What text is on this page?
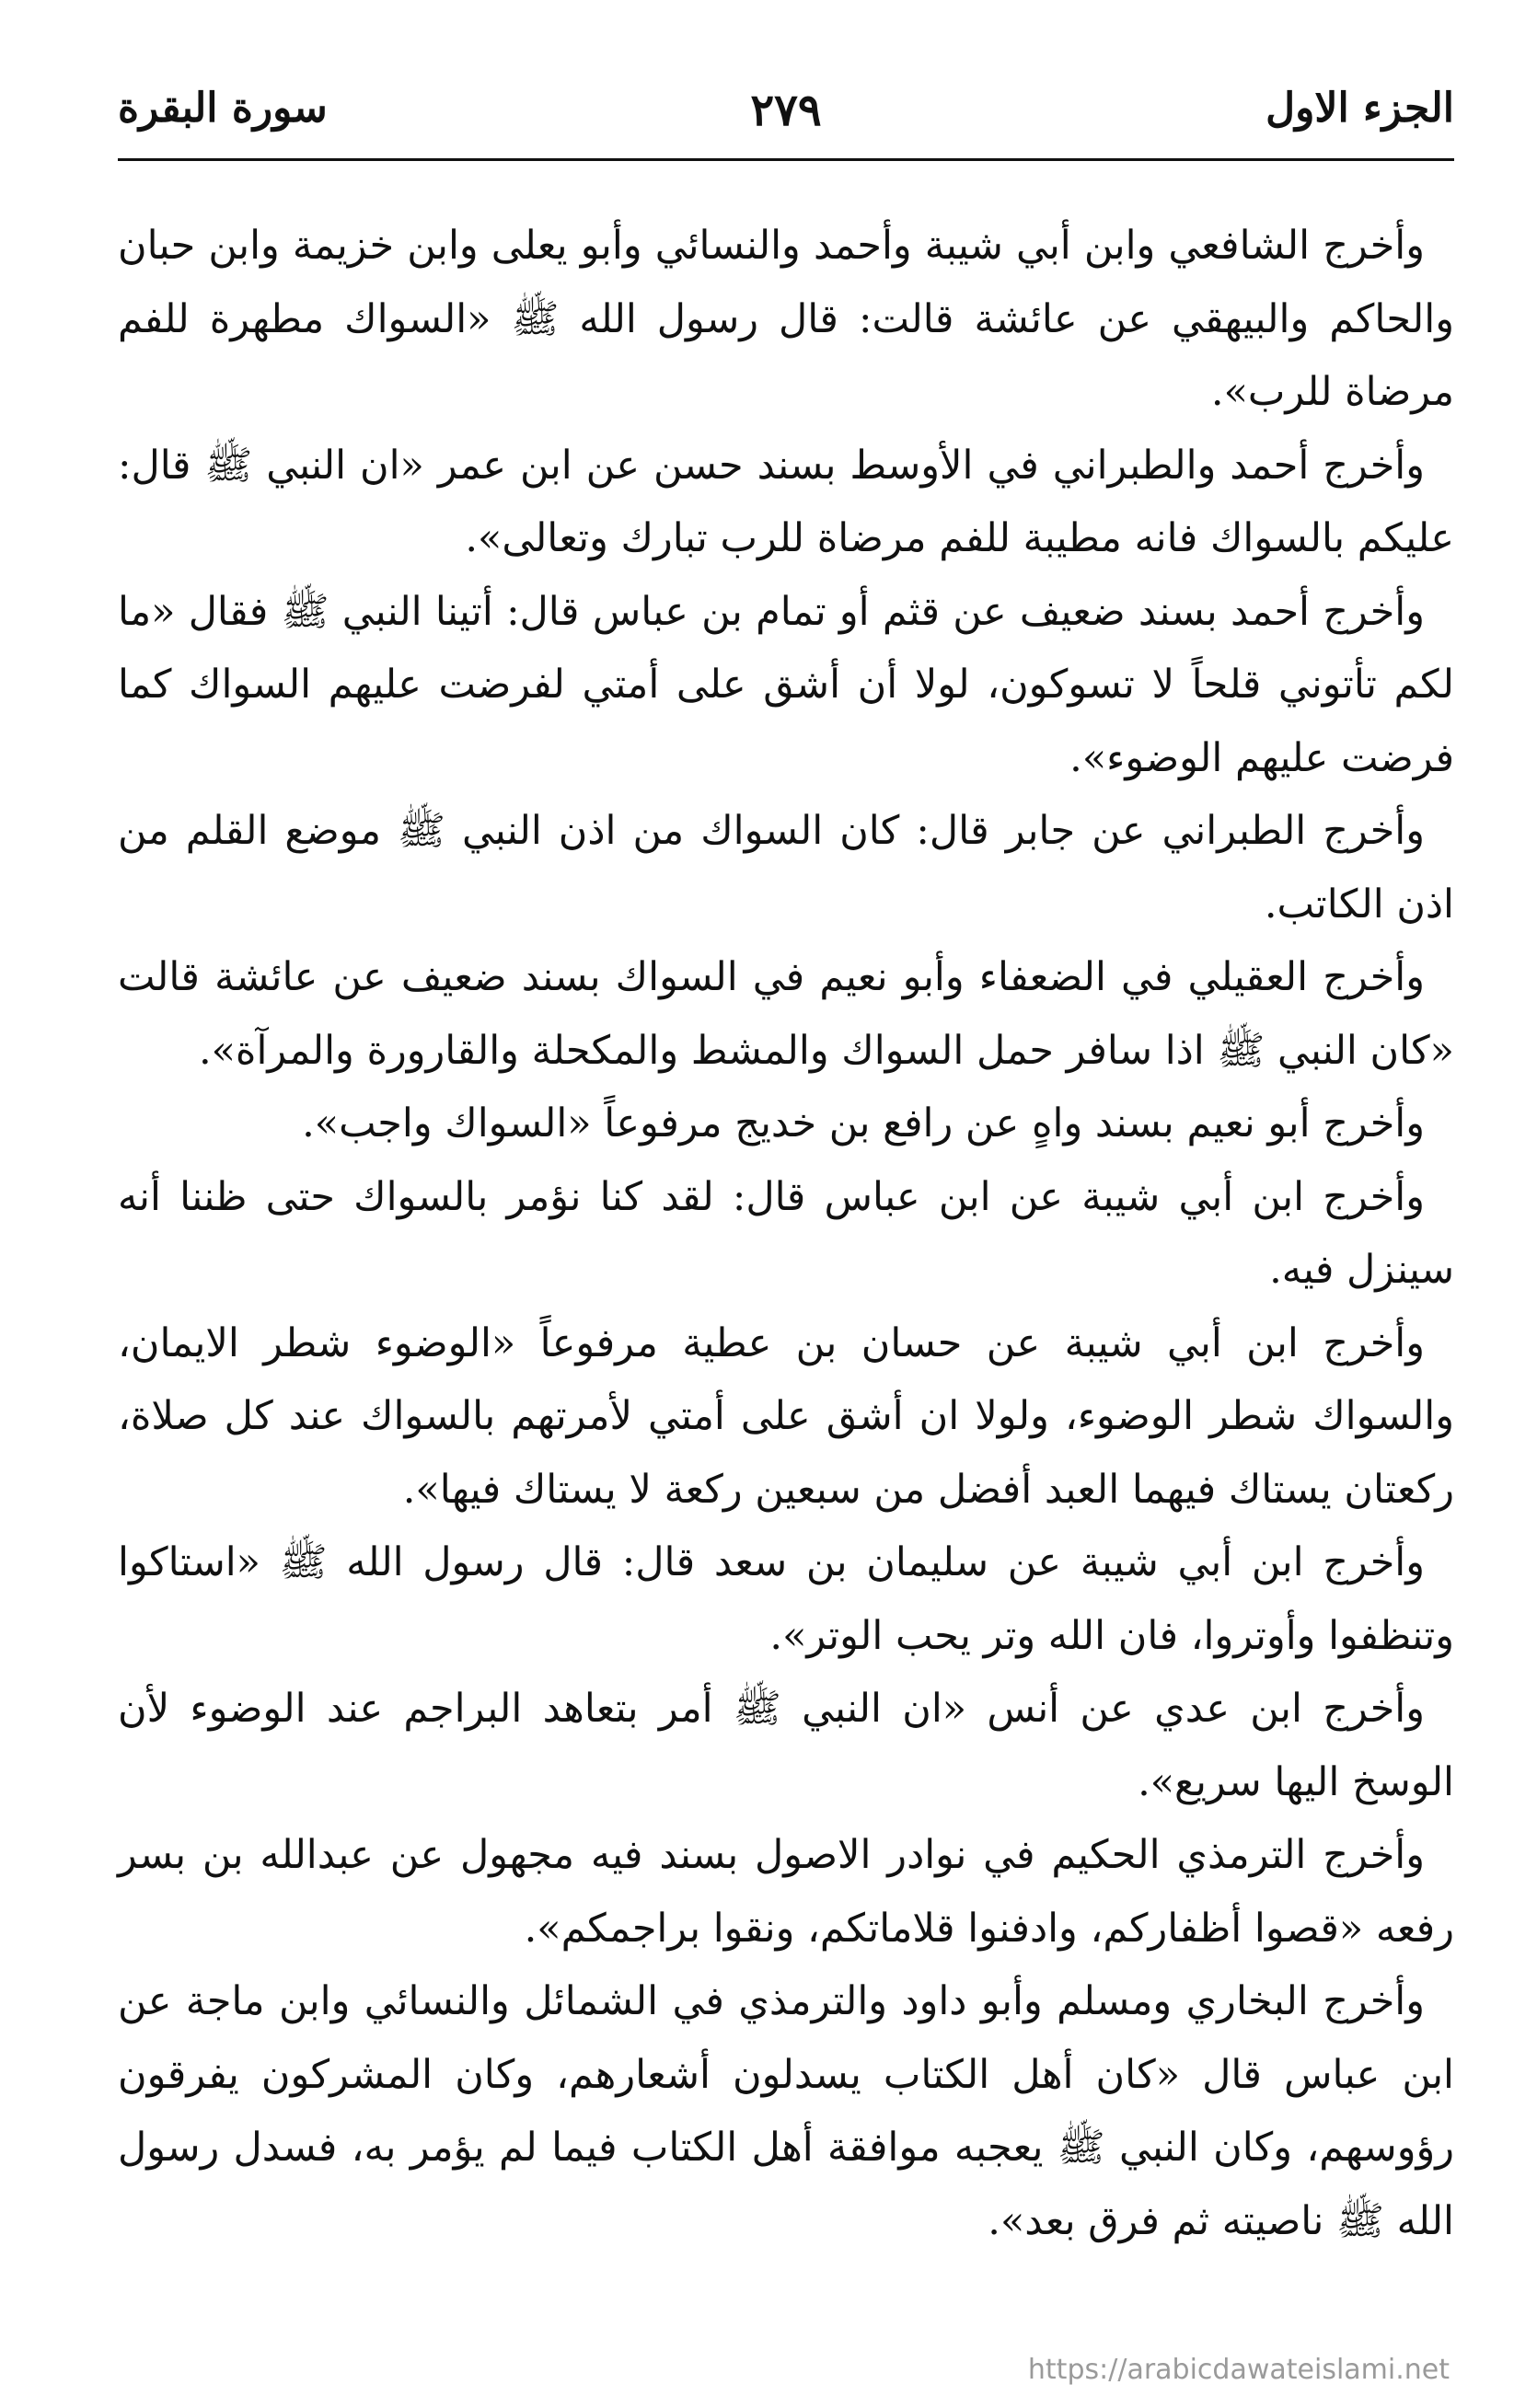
الجزء الاول
٢٧٩
سورة البقرة

وأخرج الشافعي وابن أبي شيبة وأحمد والنسائي وأبو يعلى وابن خزيمة وابن حبان والحاكم والبيهقي عن عائشة قالت: قال رسول الله ﷺ «السواك مطهرة للفم مرضاة للرب».

وأخرج أحمد والطبراني في الأوسط بسند حسن عن ابن عمر «ان النبي ﷺ قال: عليكم بالسواك فانه مطيبة للفم مرضاة للرب تبارك وتعالى».

وأخرج أحمد بسند ضعيف عن قثم أو تمام بن عباس قال: أتينا النبي ﷺ فقال «ما لكم تأتوني قلحاً لا تسوكون، لولا أن أشق على أمتي لفرضت عليهم السواك كما فرضت عليهم الوضوء».

وأخرج الطبراني عن جابر قال: كان السواك من اذن النبي ﷺ موضع القلم من اذن الكاتب.

وأخرج العقيلي في الضعفاء وأبو نعيم في السواك بسند ضعيف عن عائشة قالت «كان النبي ﷺ اذا سافر حمل السواك والمشط والمكحلة والقارورة والمرآة».

وأخرج أبو نعيم بسند واهٍ عن رافع بن خديج مرفوعاً «السواك واجب».

وأخرج ابن أبي شيبة عن ابن عباس قال: لقد كنا نؤمر بالسواك حتى ظننا أنه سينزل فيه.

وأخرج ابن أبي شيبة عن حسان بن عطية مرفوعاً «الوضوء شطر الايمان، والسواك شطر الوضوء، ولولا ان أشق على أمتي لأمرتهم بالسواك عند كل صلاة، ركعتان يستاك فيهما العبد أفضل من سبعين ركعة لا يستاك فيها».

وأخرج ابن أبي شيبة عن سليمان بن سعد قال: قال رسول الله ﷺ «استاكوا وتنظفوا وأوتروا، فان الله وتر يحب الوتر».

وأخرج ابن عدي عن أنس «ان النبي ﷺ أمر بتعاهد البراجم عند الوضوء لأن الوسخ اليها سريع».

وأخرج الترمذي الحكيم في نوادر الاصول بسند فيه مجهول عن عبدالله بن بسر رفعه «قصوا أظفاركم، وادفنوا قلاماتكم، ونقوا براجمكم».

وأخرج البخاري ومسلم وأبو داود والترمذي في الشمائل والنسائي وابن ماجة عن ابن عباس قال «كان أهل الكتاب يسدلون أشعارهم، وكان المشركون يفرقون رؤوسهم، وكان النبي ﷺ يعجبه موافقة أهل الكتاب فيما لم يؤمر به، فسدل رسول الله ﷺ ناصيته ثم فرق بعد».

https://arabicdawateislami.net
